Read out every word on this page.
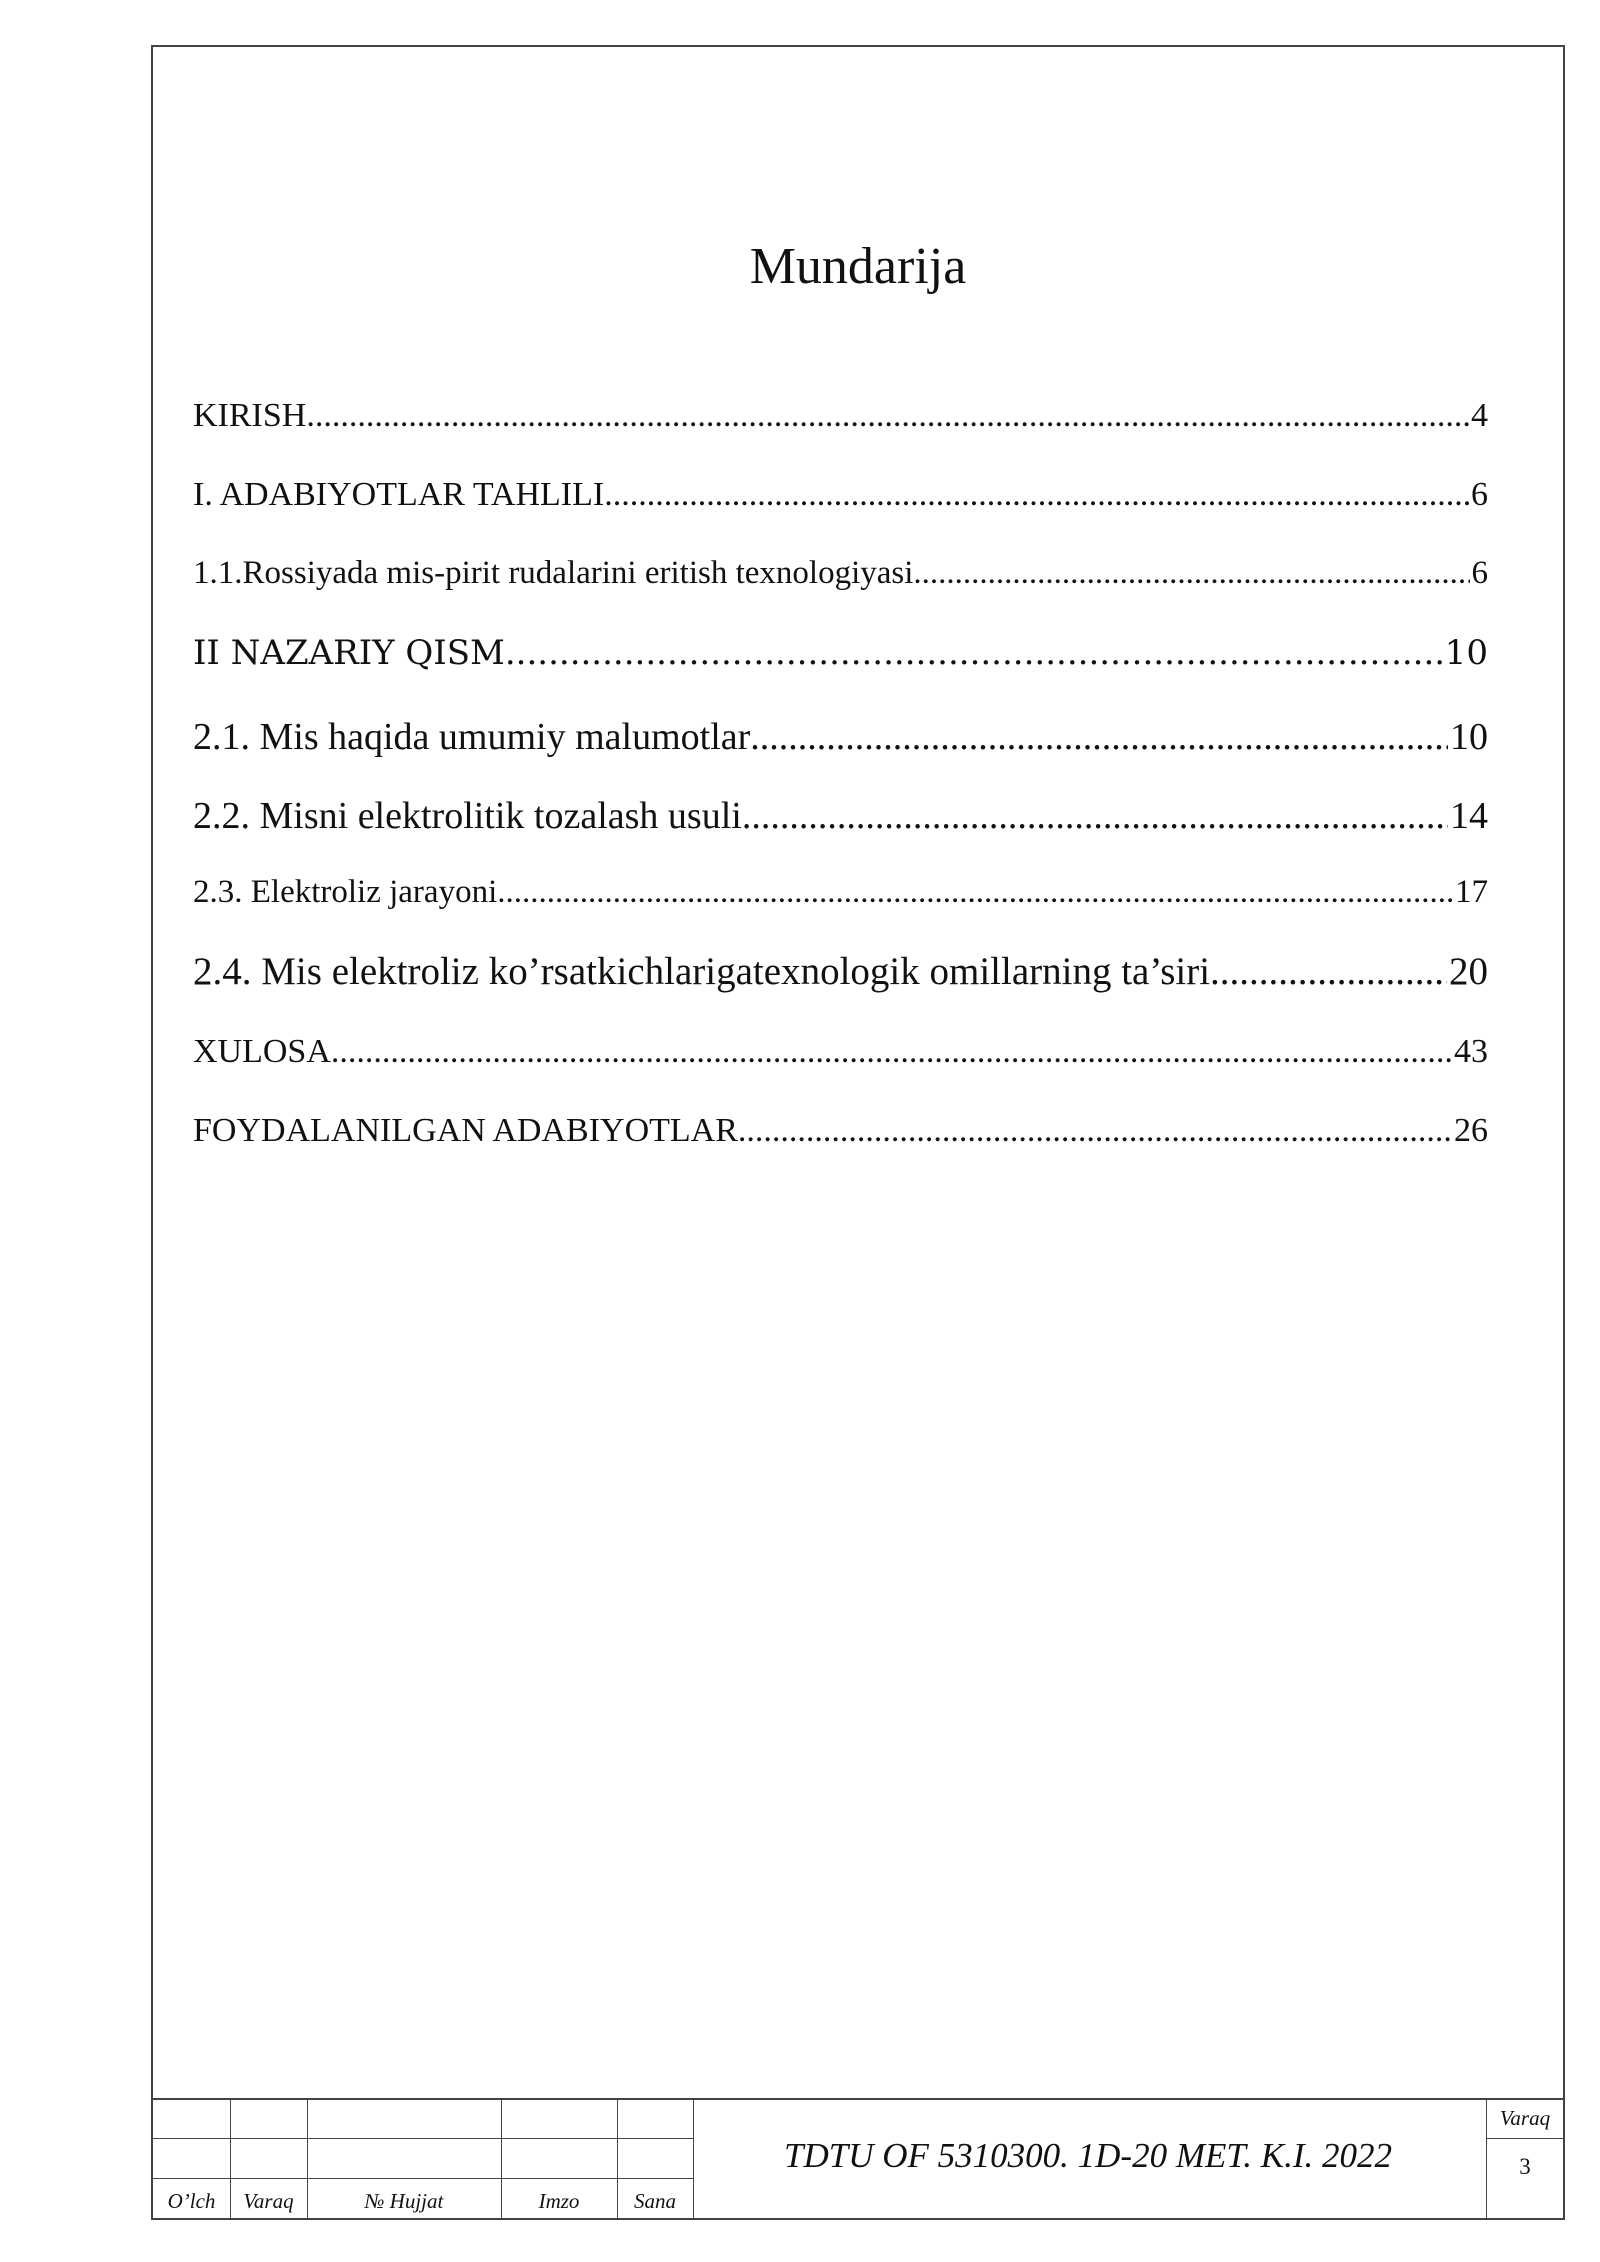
Mundarija
KIRISH .....	4
I. ADABIYOTLAR TAHLILI .....	6
1.1.Rossiyada mis-pirit rudalarini eritish texnologiyasi .....	6
II NAZARIY QISM .....	10
2.1. Mis haqida umumiy malumotlar .....	10
2.2. Misni elektrolitik tozalash usuli .....	14
2.3. Elektroliz jarayoni .....	17
2.4. Mis elektroliz ko’rsatkichlarigatexnologik omillarning ta’siri .....	20
XULOSA .....	43
FOYDALANILGAN ADABIYOTLAR .....	26
O’lch	Varaq	№ Hujjat	Imzo	Sana
TDTU OF 5310300. 1D-20 MET. K.I. 2022
Varaq
3
